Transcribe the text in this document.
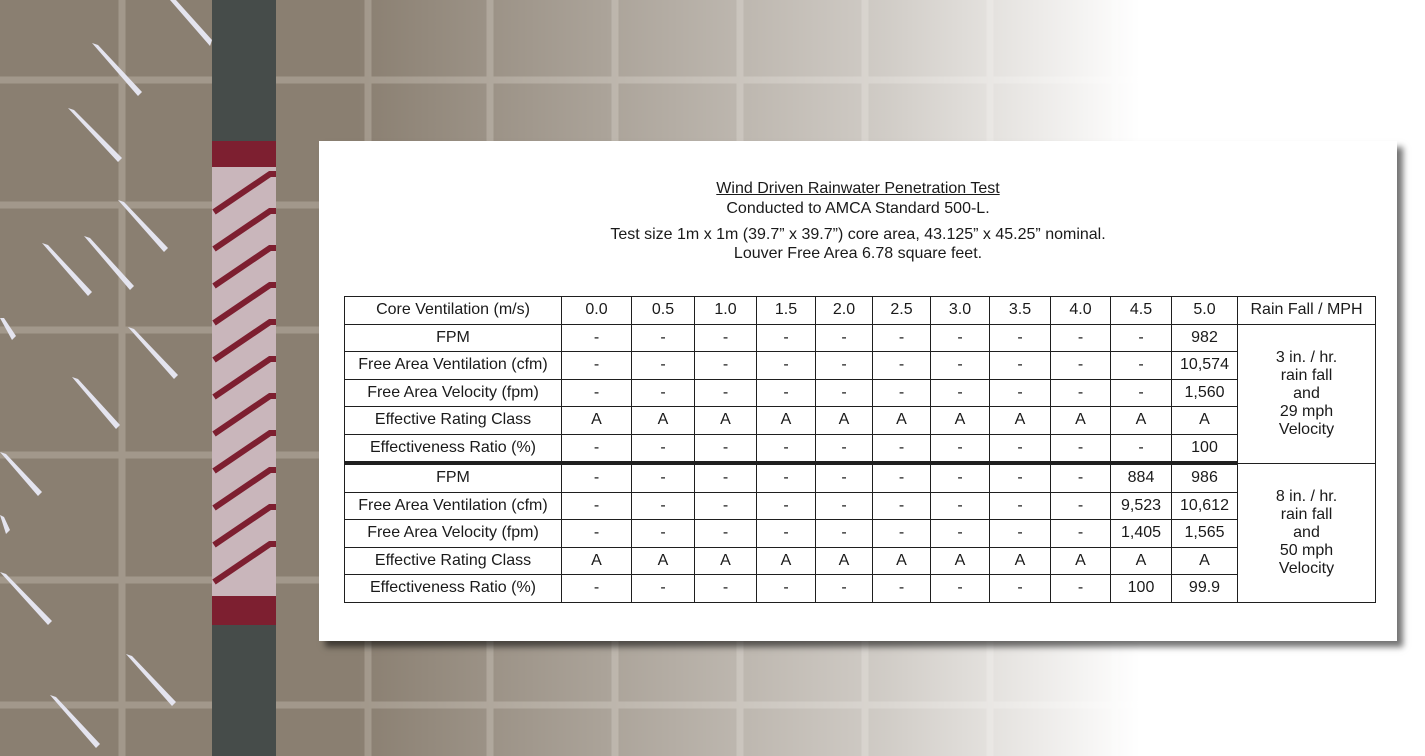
Wind Driven Rainwater Penetration Test
Conducted to AMCA Standard 500-L.
Test size 1m x 1m (39.7” x 39.7”) core area, 43.125” x 45.25” nominal.
Louver Free Area 6.78 square feet.
Core Ventilation (m/s)	0.0	0.5	1.0	1.5	2.0	2.5	3.0	3.5	4.0	4.5	5.0	Rain Fall / MPH
FPM	-	-	-	-	-	-	-	-	-	-	982	3 in. / hr.
rain fall
and
29 mph
Velocity

Free Area Ventilation (cfm)	-	-	-	-	-	-	-	-	-	-	10,574	
Free Area Velocity (fpm)	-	-	-	-	-	-	-	-	-	-	1,560	
Effective Rating Class	A	A	A	A	A	A	A	A	A	A	A	
Effectiveness Ratio (%)	-	-	-	-	-	-	-	-	-	-	100	
FPM	-	-	-	-	-	-	-	-	-	884	986	8 in. / hr.
rain fall
and
50 mph
Velocity

Free Area Ventilation (cfm)	-	-	-	-	-	-	-	-	-	9,523	10,612	
Free Area Velocity (fpm)	-	-	-	-	-	-	-	-	-	1,405	1,565	
Effective Rating Class	A	A	A	A	A	A	A	A	A	A	A	
Effectiveness Ratio (%)	-	-	-	-	-	-	-	-	-	100	99.9	
